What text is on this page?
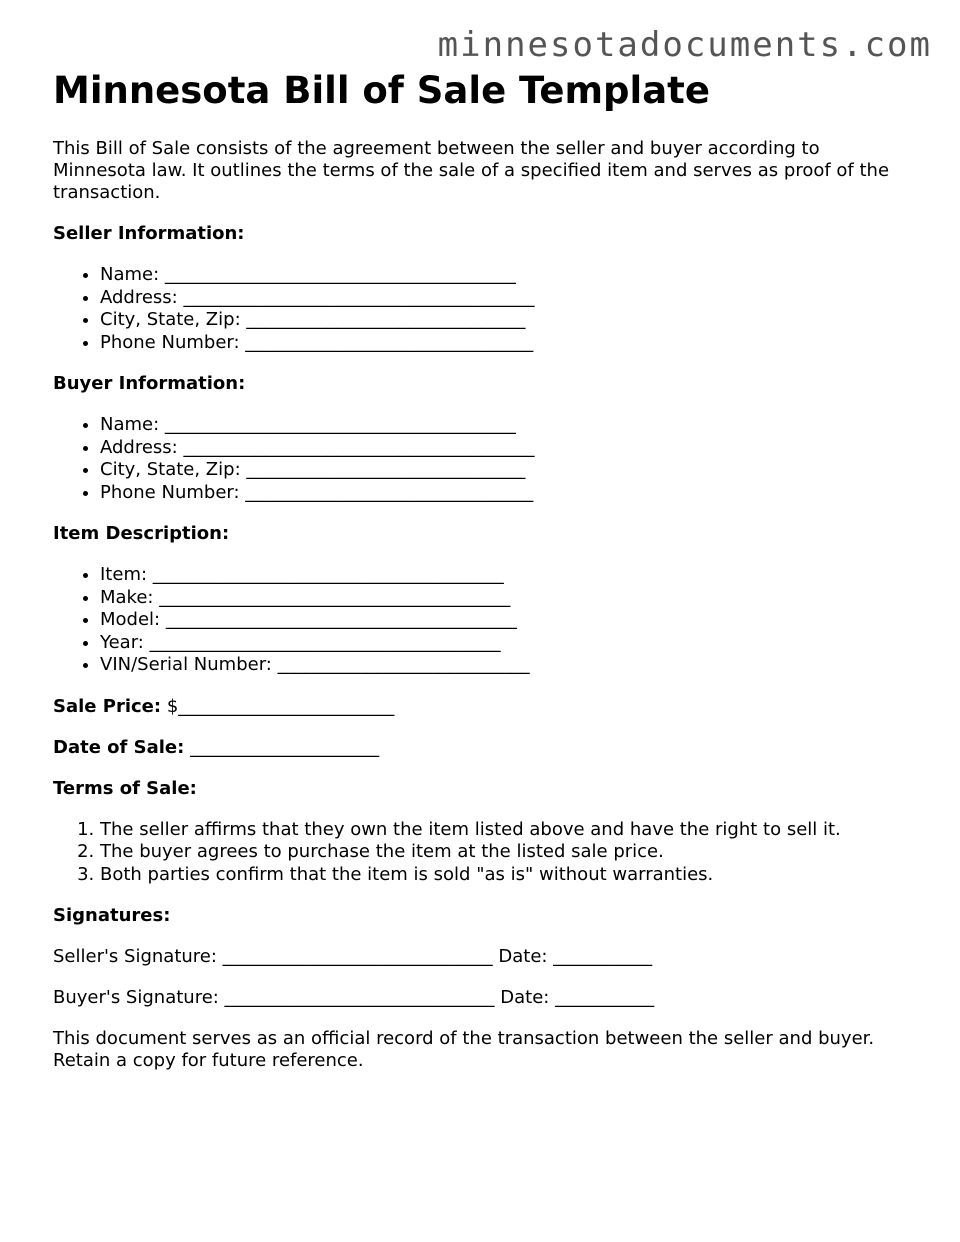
minnesotadocuments.com
Minnesota Bill of Sale Template

This Bill of Sale consists of the agreement between the seller and buyer according to Minnesota law. It outlines the terms of the sale of a specified item and serves as proof of the transaction.

Seller Information:
• Name: _______________________________________
• Address: _______________________________________
• City, State, Zip: _______________________________
• Phone Number: ________________________________
Buyer Information:
• Name: _______________________________________
• Address: _______________________________________
• City, State, Zip: _______________________________
• Phone Number: ________________________________
Item Description:
• Item: _______________________________________
• Make: _______________________________________
• Model: _______________________________________
• Year: _______________________________________
• VIN/Serial Number: ____________________________

Sale Price: $________________________

Date of Sale: _____________________

Terms of Sale:
1. The seller affirms that they own the item listed above and have the right to sell it.
2. The buyer agrees to purchase the item at the listed sale price.
3. Both parties confirm that the item is sold "as is" without warranties.
Signatures:

Seller's Signature: ______________________________ Date: ___________

Buyer's Signature: ______________________________ Date: ___________

This document serves as an official record of the transaction between the seller and buyer. Retain a copy for future reference.
